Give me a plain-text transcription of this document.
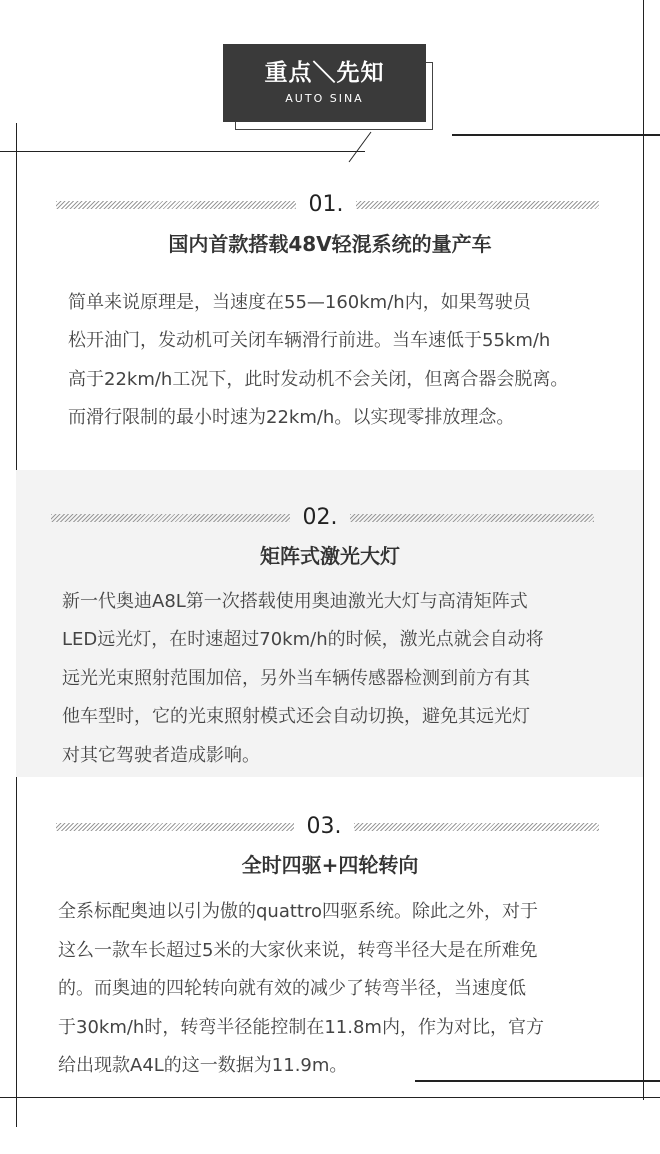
重点＼先知
AUTO SINA
01.
国内首款搭载48V轻混系统的量产车
简单来说原理是，当速度在55—160km/h内，如果驾驶员
松开油门，发动机可关闭车辆滑行前进。当车速低于55km/h
高于22km/h工况下，此时发动机不会关闭，但离合器会脱离。
而滑行限制的最小时速为22km/h。以实现零排放理念。
02.
矩阵式激光大灯
新一代奥迪A8L第一次搭载使用奥迪激光大灯与高清矩阵式
LED远光灯，在时速超过70km/h的时候，激光点就会自动将
远光光束照射范围加倍，另外当车辆传感器检测到前方有其
他车型时，它的光束照射模式还会自动切换，避免其远光灯
对其它驾驶者造成影响。
03.
全时四驱+四轮转向
全系标配奥迪以引为傲的quattro四驱系统。除此之外，对于
这么一款车长超过5米的大家伙来说，转弯半径大是在所难免
的。而奥迪的四轮转向就有效的减少了转弯半径，当速度低
于30km/h时，转弯半径能控制在11.8m内，作为对比，官方
给出现款A4L的这一数据为11.9m。
